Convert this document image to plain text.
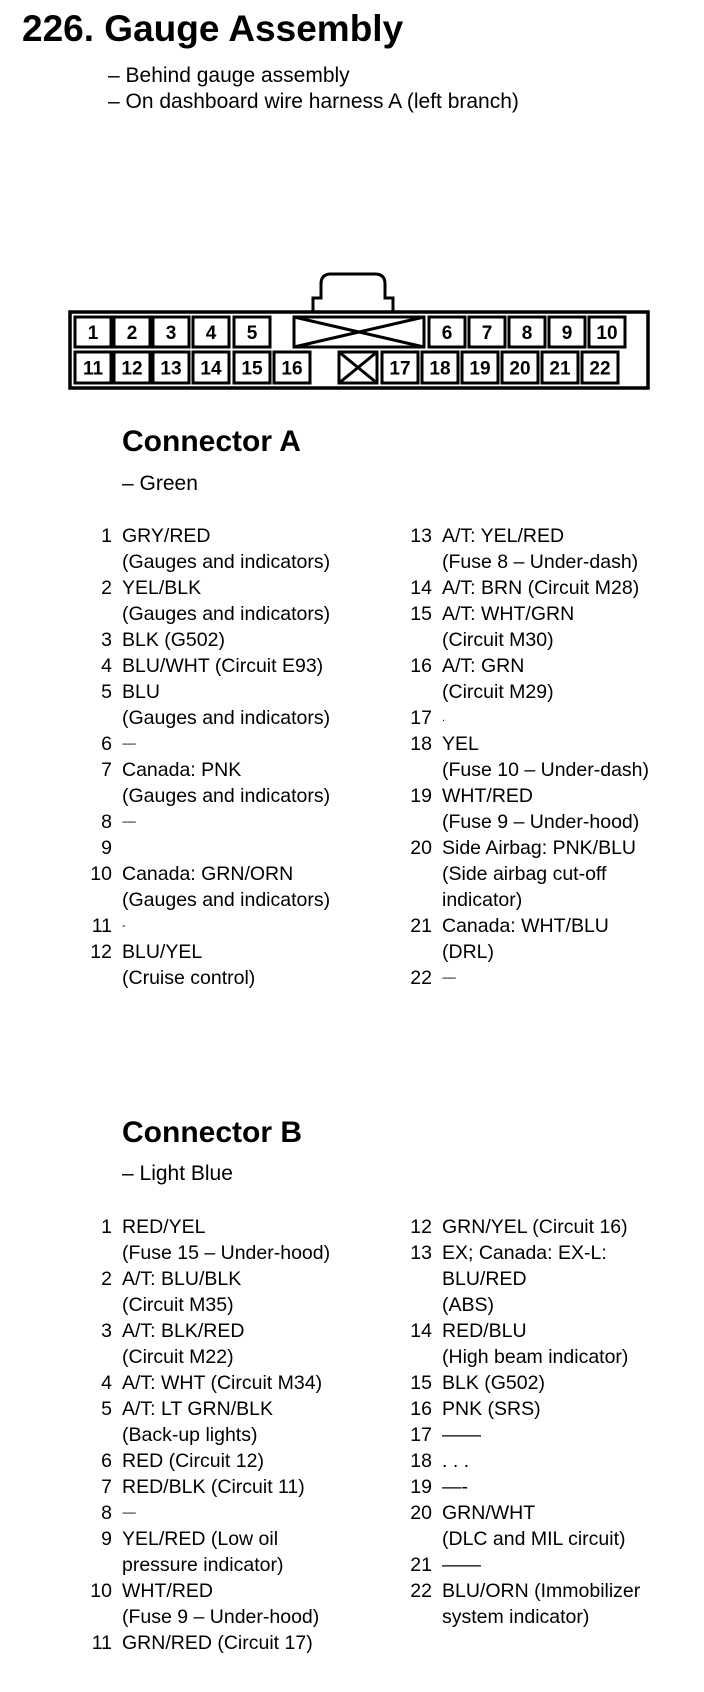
226. Gauge Assembly
– Behind gauge assembly
– On dashboard wire harness A (left branch)
1 2 3 4 5	6 7 8 9 10
11 12 13 14 15 16	17 18 19 20 21 22
Connector A
– Green
1 GRY/RED
(Gauges and indicators)
2 YEL/BLK
(Gauges and indicators)
3 BLK (G502)
4 BLU/WHT (Circuit E93)
5 BLU
(Gauges and indicators)
6 -----
7 Canada: PNK
(Gauges and indicators)
8 -----
9

10 Canada: GRN/ORN
(Gauges and indicators)
11 -
12 BLU/YEL
(Cruise control)
13 A/T: YEL/RED
(Fuse 8 – Under-dash)
14 A/T: BRN (Circuit M28)
15 A/T: WHT/GRN
(Circuit M30)
16 A/T: GRN
(Circuit M29)
17 .
18 YEL
(Fuse 10 – Under-dash)
19 WHT/RED
(Fuse 9 – Under-hood)
20 Side Airbag: PNK/BLU
(Side airbag cut-off
indicator)
21 Canada: WHT/BLU
(DRL)
22 -----
Connector B
– Light Blue
1 RED/YEL
(Fuse 15 – Under-hood)
2 A/T: BLU/BLK
(Circuit M35)
3 A/T: BLK/RED
(Circuit M22)
4 A/T: WHT (Circuit M34)
5 A/T: LT GRN/BLK
(Back-up lights)
6 RED (Circuit 12)
7 RED/BLK (Circuit 11)
8 -----
9 YEL/RED (Low oil
pressure indicator)
10 WHT/RED
(Fuse 9 – Under-hood)
11 GRN/RED (Circuit 17)
12 GRN/YEL (Circuit 16)
13 EX; Canada: EX-L:
BLU/RED
(ABS)
14 RED/BLU
(High beam indicator)
15 BLK (G502)
16 PNK (SRS)
17 ——
18 . . .
19 —-
20 GRN/WHT
(DLC and MIL circuit)
21 ——
22 BLU/ORN (Immobilizer
system indicator)
